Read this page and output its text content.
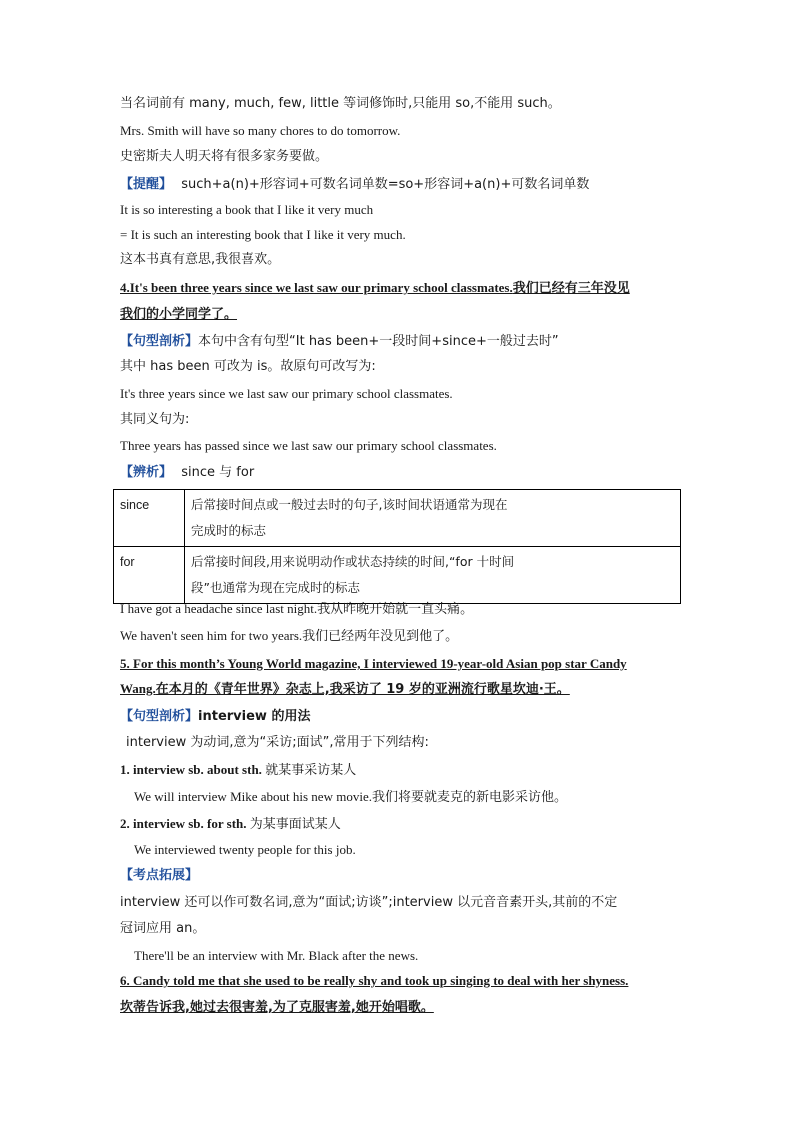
当名词前有 many, much, few, little 等词修饰时,只能用 so,不能用 such。
Mrs. Smith will have so many chores to do tomorrow.
史密斯夫人明天将有很多家务要做。
【提醒】 such+a(n)+形容词+可数名词单数=so+形容词+a(n)+可数名词单数
It is so interesting a book that I like it very much
= It is such an interesting book that I like it very much.
这本书真有意思,我很喜欢。
4.It's been three years since we last saw our primary school classmates.我们已经有三年没见
我们的小学同学了。
【句型剖析】本句中含有句型“It has been+一段时间+since+一般过去时”
其中 has been 可改为 is。故原句可改写为:
It's three years since we last saw our primary school classmates.
其同义句为:
Three years has passed since we last saw our primary school classmates.
【辨析】 since 与 for
since	后常接时间点或一般过去时的句子,该时间状语通常为现在
完成时的标志

for	后常接时间段,用来说明动作或状态持续的时间,“for 十时间
段”也通常为现在完成时的标志
I have got a headache since last night.我从昨晚开始就一直头痛。
We haven't seen him for two years.我们已经两年没见到他了。
5. For this month’s Young World magazine, I interviewed 19-year-old Asian pop star Candy
Wang.在本月的《青年世界》杂志上,我采访了 19 岁的亚洲流行歌星坎迪·王。
【句型剖析】interview 的用法
interview 为动词,意为“采访;面试”,常用于下列结构:
1. interview sb. about sth. 就某事采访某人
We will interview Mike about his new movie.我们将要就麦克的新电影采访他。
2. interview sb. for sth. 为某事面试某人
We interviewed twenty people for this job.
【考点拓展】
interview 还可以作可数名词,意为“面试;访谈”;interview 以元音音素开头,其前的不定
冠词应用 an。
There'll be an interview with Mr. Black after the news.
6. Candy told me that she used to be really shy and took up singing to deal with her shyness.
坎蒂告诉我,她过去很害羞,为了克服害羞,她开始唱歌。
